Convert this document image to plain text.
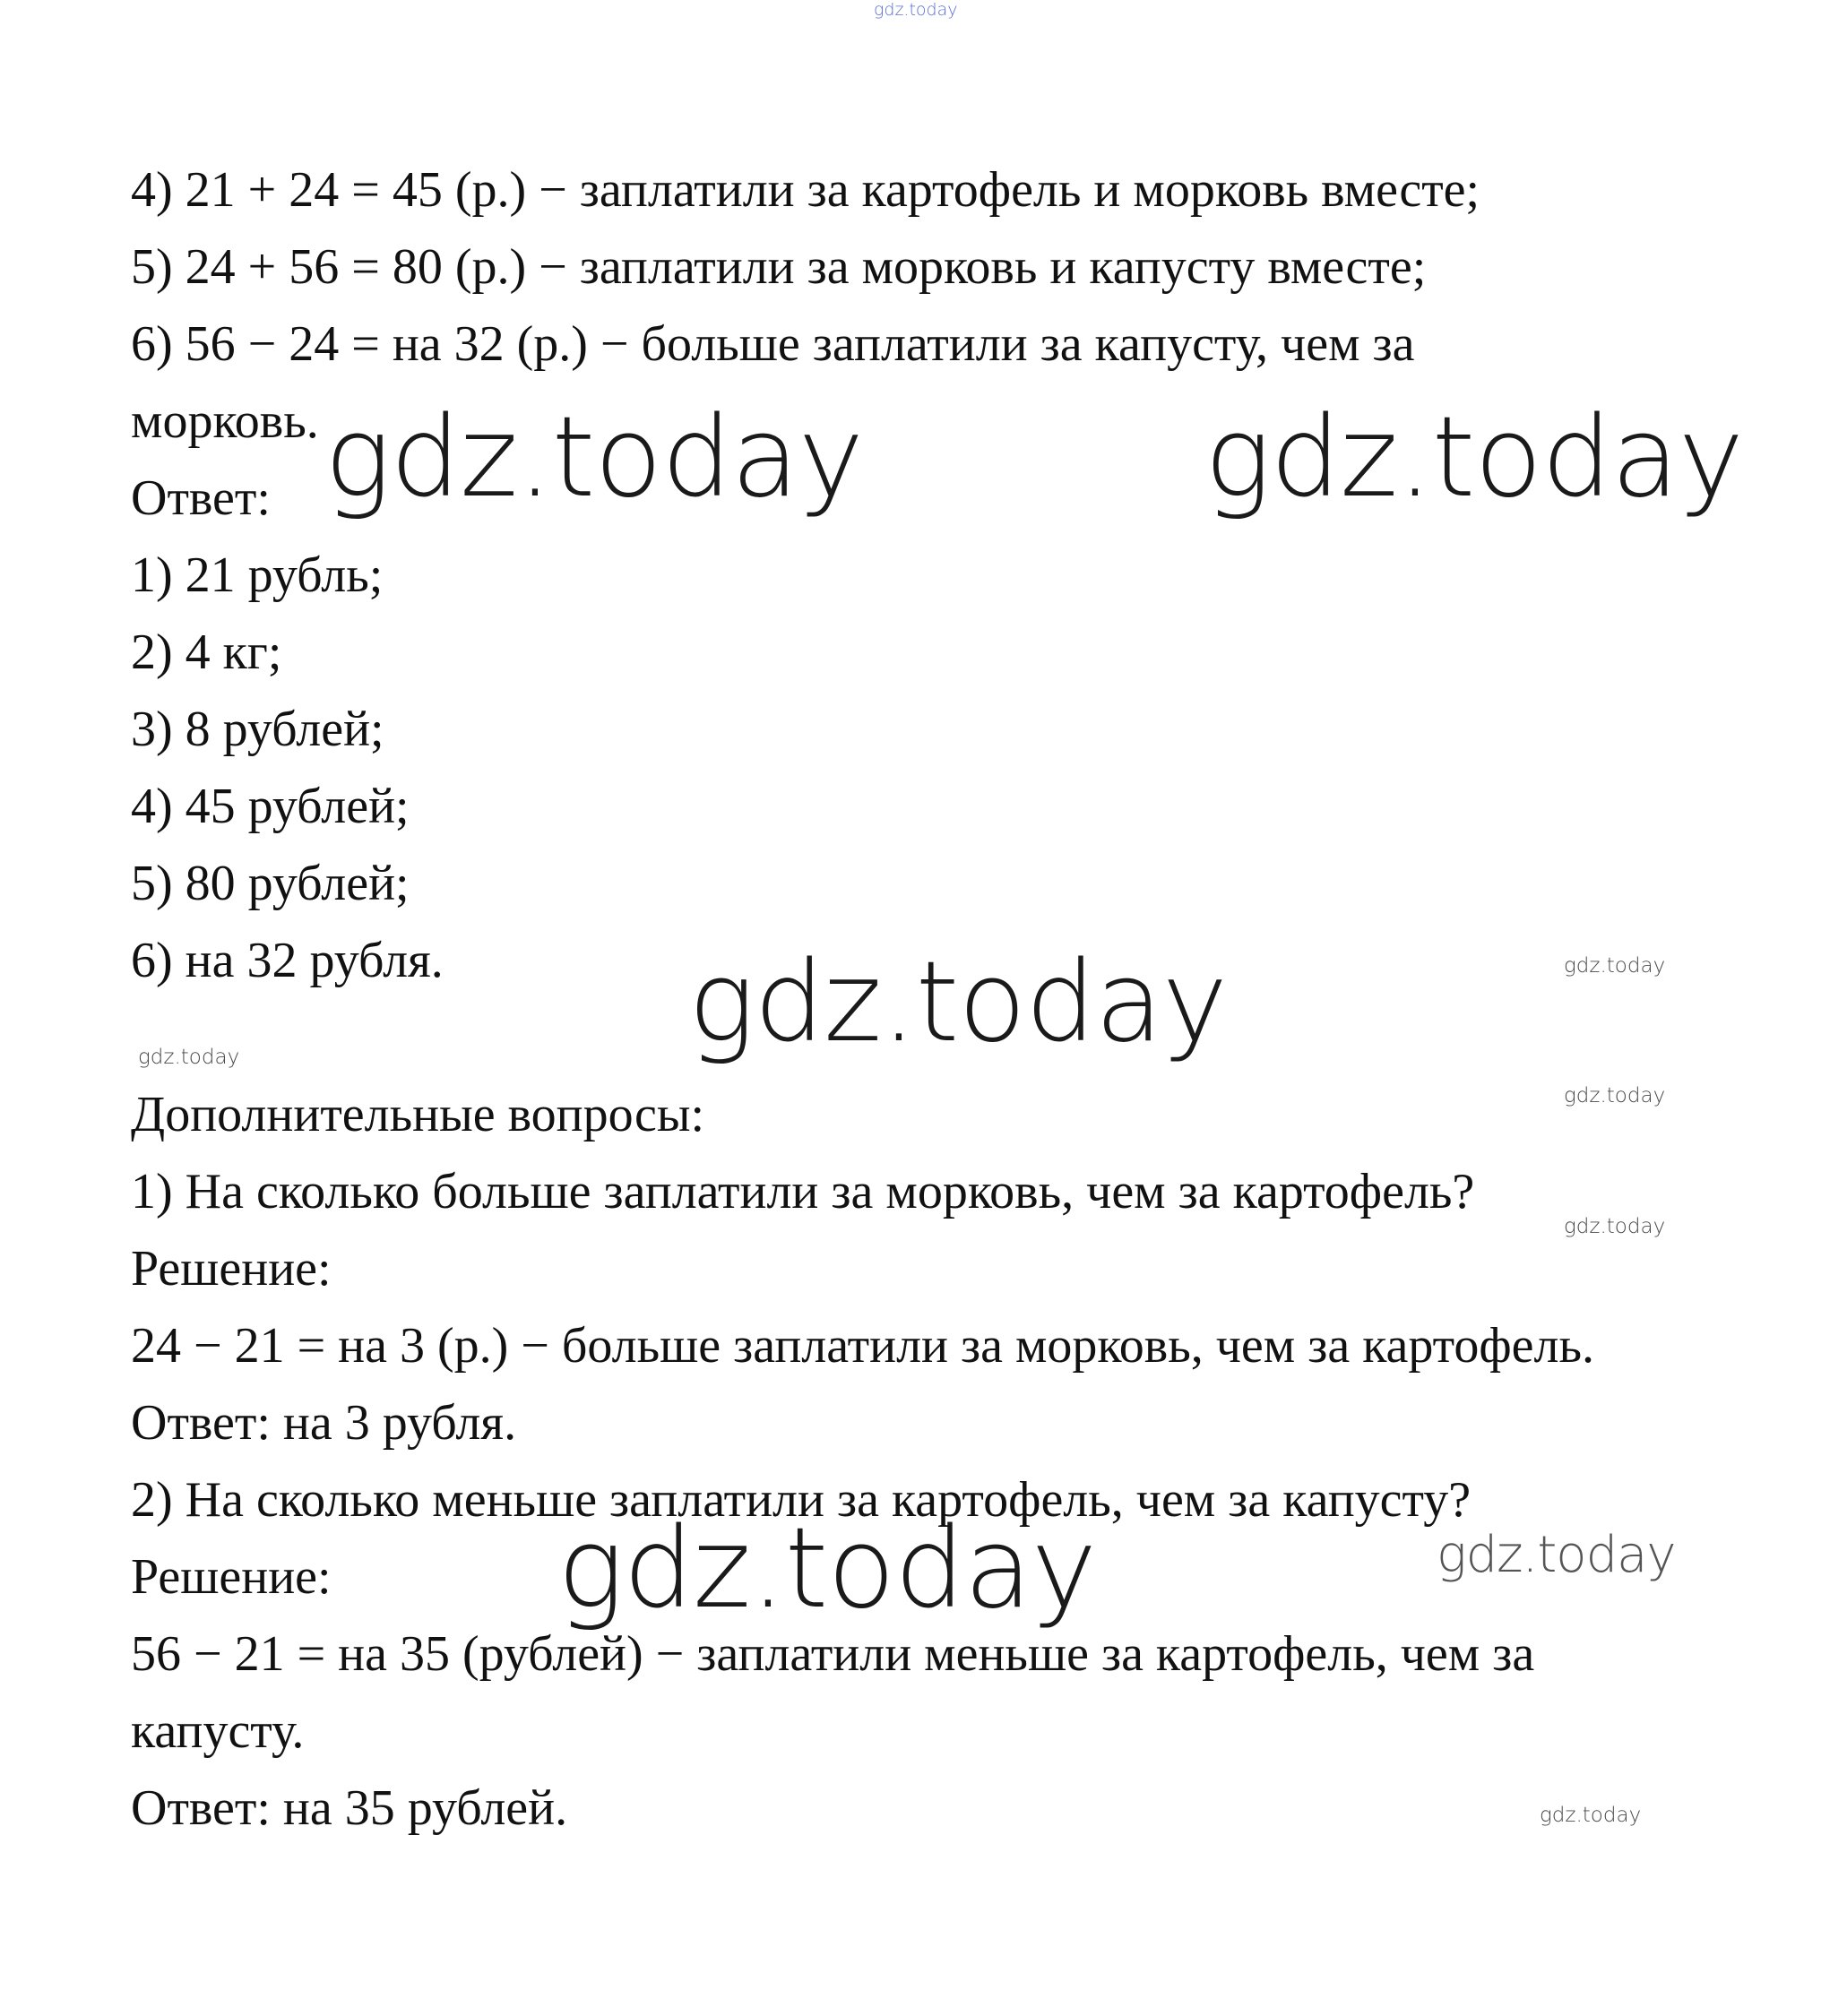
gdz.today
gdz.today	gdz.today
gdz.today
gdz.today	gdz.today
gdz.today
gdz.today
gdz.today
gdz.today
gdz.today
4) 21 + 24 = 45 (р.) − заплатили за картофель и морковь вместе;
5) 24 + 56 = 80 (р.) − заплатили за морковь и капусту вместе;
6) 56 − 24 = на 32 (р.) − больше заплатили за капусту, чем за
морковь.
Ответ:
1) 21 рубль;
2) 4 кг;
3) 8 рублей;
4) 45 рублей;
5) 80 рублей;
6) на 32 рубля.
Дополнительные вопросы:
1) На сколько больше заплатили за морковь, чем за картофель?
Решение:
24 − 21 = на 3 (р.) − больше заплатили за морковь, чем за картофель.
Ответ: на 3 рубля.
2) На сколько меньше заплатили за картофель, чем за капусту?
Решение:
56 − 21 = на 35 (рублей) − заплатили меньше за картофель, чем за
капусту.
Ответ: на 35 рублей.
